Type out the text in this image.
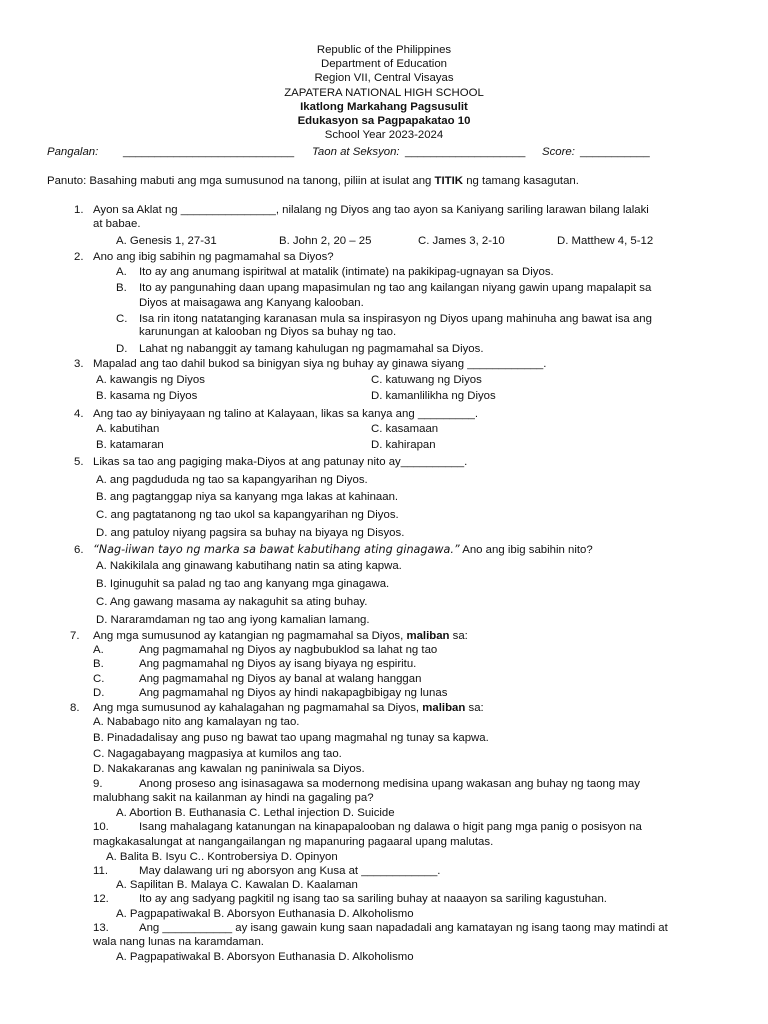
Republic of the Philippines
Department of Education
Region VII, Central Visayas
ZAPATERA NATIONAL HIGH SCHOOL
Ikatlong Markahang Pagsusulit
Edukasyon sa Pagpapakatao 10
School Year 2023-2024
Pangalan: ___________________________ Taon at Seksyon: ___________________ Score: ___________
Panuto: Basahing mabuti ang mga sumusunod na tanong, piliin at isulat ang TITIK ng tamang kasagutan.
1. Ayon sa Aklat ng _______________, nilalang ng Diyos ang tao ayon sa Kaniyang sariling larawan bilang lalaki
at babae.
A. Genesis 1, 27-31	B. John 2, 20 – 25	C. James 3, 2-10	D. Matthew 4, 5-12
2. Ano ang ibig sabihin ng pagmamahal sa Diyos?
A. Ito ay ang anumang ispiritwal at matalik (intimate) na pakikipag-ugnayan sa Diyos.
B. Ito ay pangunahing daan upang mapasimulan ng tao ang kailangan niyang gawin upang mapalapit sa
Diyos at maisagawa ang Kanyang kalooban.
C. Isa rin itong natatanging karanasan mula sa inspirasyon ng Diyos upang mahinuha ang bawat isa ang
karunungan at kalooban ng Diyos sa buhay ng tao.
D. Lahat ng nabanggit ay tamang kahulugan ng pagmamahal sa Diyos.
3. Mapalad ang tao dahil bukod sa binigyan siya ng buhay ay ginawa siyang ____________.
A. kawangis ng Diyos	C. katuwang ng Diyos
B. kasama ng Diyos	D. kamanlilikha ng Diyos
4. Ang tao ay biniyayaan ng talino at Kalayaan, likas sa kanya ang _________.
A. kabutihan	C. kasamaan
B. katamaran	D. kahirapan
5. Likas sa tao ang pagiging maka-Diyos at ang patunay nito ay__________.
A. ang pagdududa ng tao sa kapangyarihan ng Diyos.
B. ang pagtanggap niya sa kanyang mga lakas at kahinaan.
C. ang pagtatanong ng tao ukol sa kapangyarihan ng Diyos.
D. ang patuloy niyang pagsira sa buhay na biyaya ng Disyos.
6. “Nag-iiwan tayo ng marka sa bawat kabutihang ating ginagawa.” Ano ang ibig sabihin nito?
A. Nakikilala ang ginawang kabutihang natin sa ating kapwa.
B. Iginuguhit sa palad ng tao ang kanyang mga ginagawa.
C. Ang gawang masama ay nakaguhit sa ating buhay.
D. Nararamdaman ng tao ang iyong kamalian lamang.
7. Ang mga sumusunod ay katangian ng pagmamahal sa Diyos, maliban sa:
A.	Ang pagmamahal ng Diyos ay nagbubuklod sa lahat ng tao
B.	Ang pagmamahal ng Diyos ay isang biyaya ng espiritu.
C.	Ang pagmamahal ng Diyos ay banal at walang hanggan
D.	Ang pagmamahal ng Diyos ay hindi nakapagbibigay ng lunas
8. Ang mga sumusunod ay kahalagahan ng pagmamahal sa Diyos, maliban sa:
A. Nababago nito ang kamalayan ng tao.
B. Pinadadalisay ang puso ng bawat tao upang magmahal ng tunay sa kapwa.
C. Nagagabayang magpasiya at kumilos ang tao.
D. Nakakaranas ang kawalan ng paniniwala sa Diyos.
9.	Anong proseso ang isinasagawa sa modernong medisina upang wakasan ang buhay ng taong may
malubhang sakit na kailanman ay hindi na gagaling pa?
A. Abortion B. Euthanasia C. Lethal injection D. Suicide
10.	Isang mahalagang katanungan na kinapapalooban ng dalawa o higit pang mga panig o posisyon na
magkakasalungat at nangangailangan ng mapanuring pagaaral upang malutas.
A. Balita B. Isyu C.. Kontrobersiya D. Opinyon
11.	May dalawang uri ng aborsyon ang Kusa at ____________.
A. Sapilitan B. Malaya C. Kawalan D. Kaalaman
12.	Ito ay ang sadyang pagkitil ng isang tao sa sariling buhay at naaayon sa sariling kagustuhan.
A. Pagpapatiwakal B. Aborsyon Euthanasia D. Alkoholismo
13.	Ang ___________ ay isang gawain kung saan napadadali ang kamatayan ng isang taong may matindi at
wala nang lunas na karamdaman.
A. Pagpapatiwakal B. Aborsyon Euthanasia D. Alkoholismo
